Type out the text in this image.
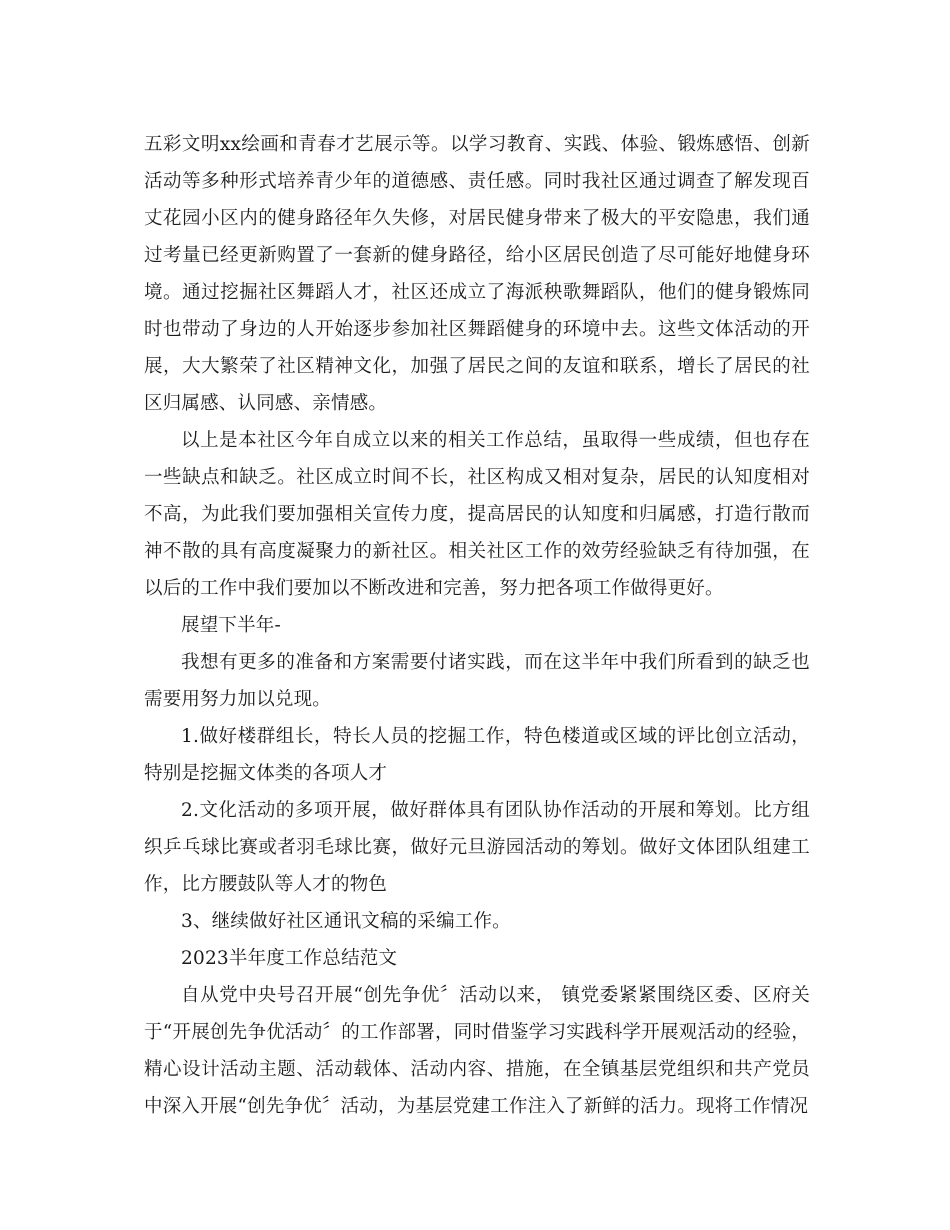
五彩文明xx绘画和青春才艺展示等。以学习教育、实践、体验、锻炼感悟、创新活动等多种形式培养青少年的道德感、责任感。同时我社区通过调查了解发现百丈花园小区内的健身路径年久失修，对居民健身带来了极大的平安隐患，我们通过考量已经更新购置了一套新的健身路径，给小区居民创造了尽可能好地健身环境。通过挖掘社区舞蹈人才，社区还成立了海派秧歌舞蹈队，他们的健身锻炼同时也带动了身边的人开始逐步参加社区舞蹈健身的环境中去。这些文体活动的开展，大大繁荣了社区精神文化，加强了居民之间的友谊和联系，增长了居民的社区归属感、认同感、亲情感。

以上是本社区今年自成立以来的相关工作总结，虽取得一些成绩，但也存在一些缺点和缺乏。社区成立时间不长，社区构成又相对复杂，居民的认知度相对不高，为此我们要加强相关宣传力度，提高居民的认知度和归属感，打造行散而神不散的具有高度凝聚力的新社区。相关社区工作的效劳经验缺乏有待加强，在以后的工作中我们要加以不断改进和完善，努力把各项工作做得更好。

展望下半年-

我想有更多的准备和方案需要付诸实践，而在这半年中我们所看到的缺乏也需要用努力加以兑现。

1.做好楼群组长，特长人员的挖掘工作，特色楼道或区域的评比创立活动，特别是挖掘文体类的各项人才

2.文化活动的多项开展，做好群体具有团队协作活动的开展和筹划。比方组织乒乓球比赛或者羽毛球比赛，做好元旦游园活动的筹划。做好文体团队组建工作，比方腰鼓队等人才的物色

3、继续做好社区通讯文稿的采编工作。

2023半年度工作总结范文

自从党中央号召开展“创先争优〞活动以来， 镇党委紧紧围绕区委、区府关于“开展创先争优活动〞的工作部署，同时借鉴学习实践科学开展观活动的经验，精心设计活动主题、活动载体、活动内容、措施，在全镇基层党组织和共产党员中深入开展“创先争优〞活动，为基层党建工作注入了新鲜的活力。现将工作情况
